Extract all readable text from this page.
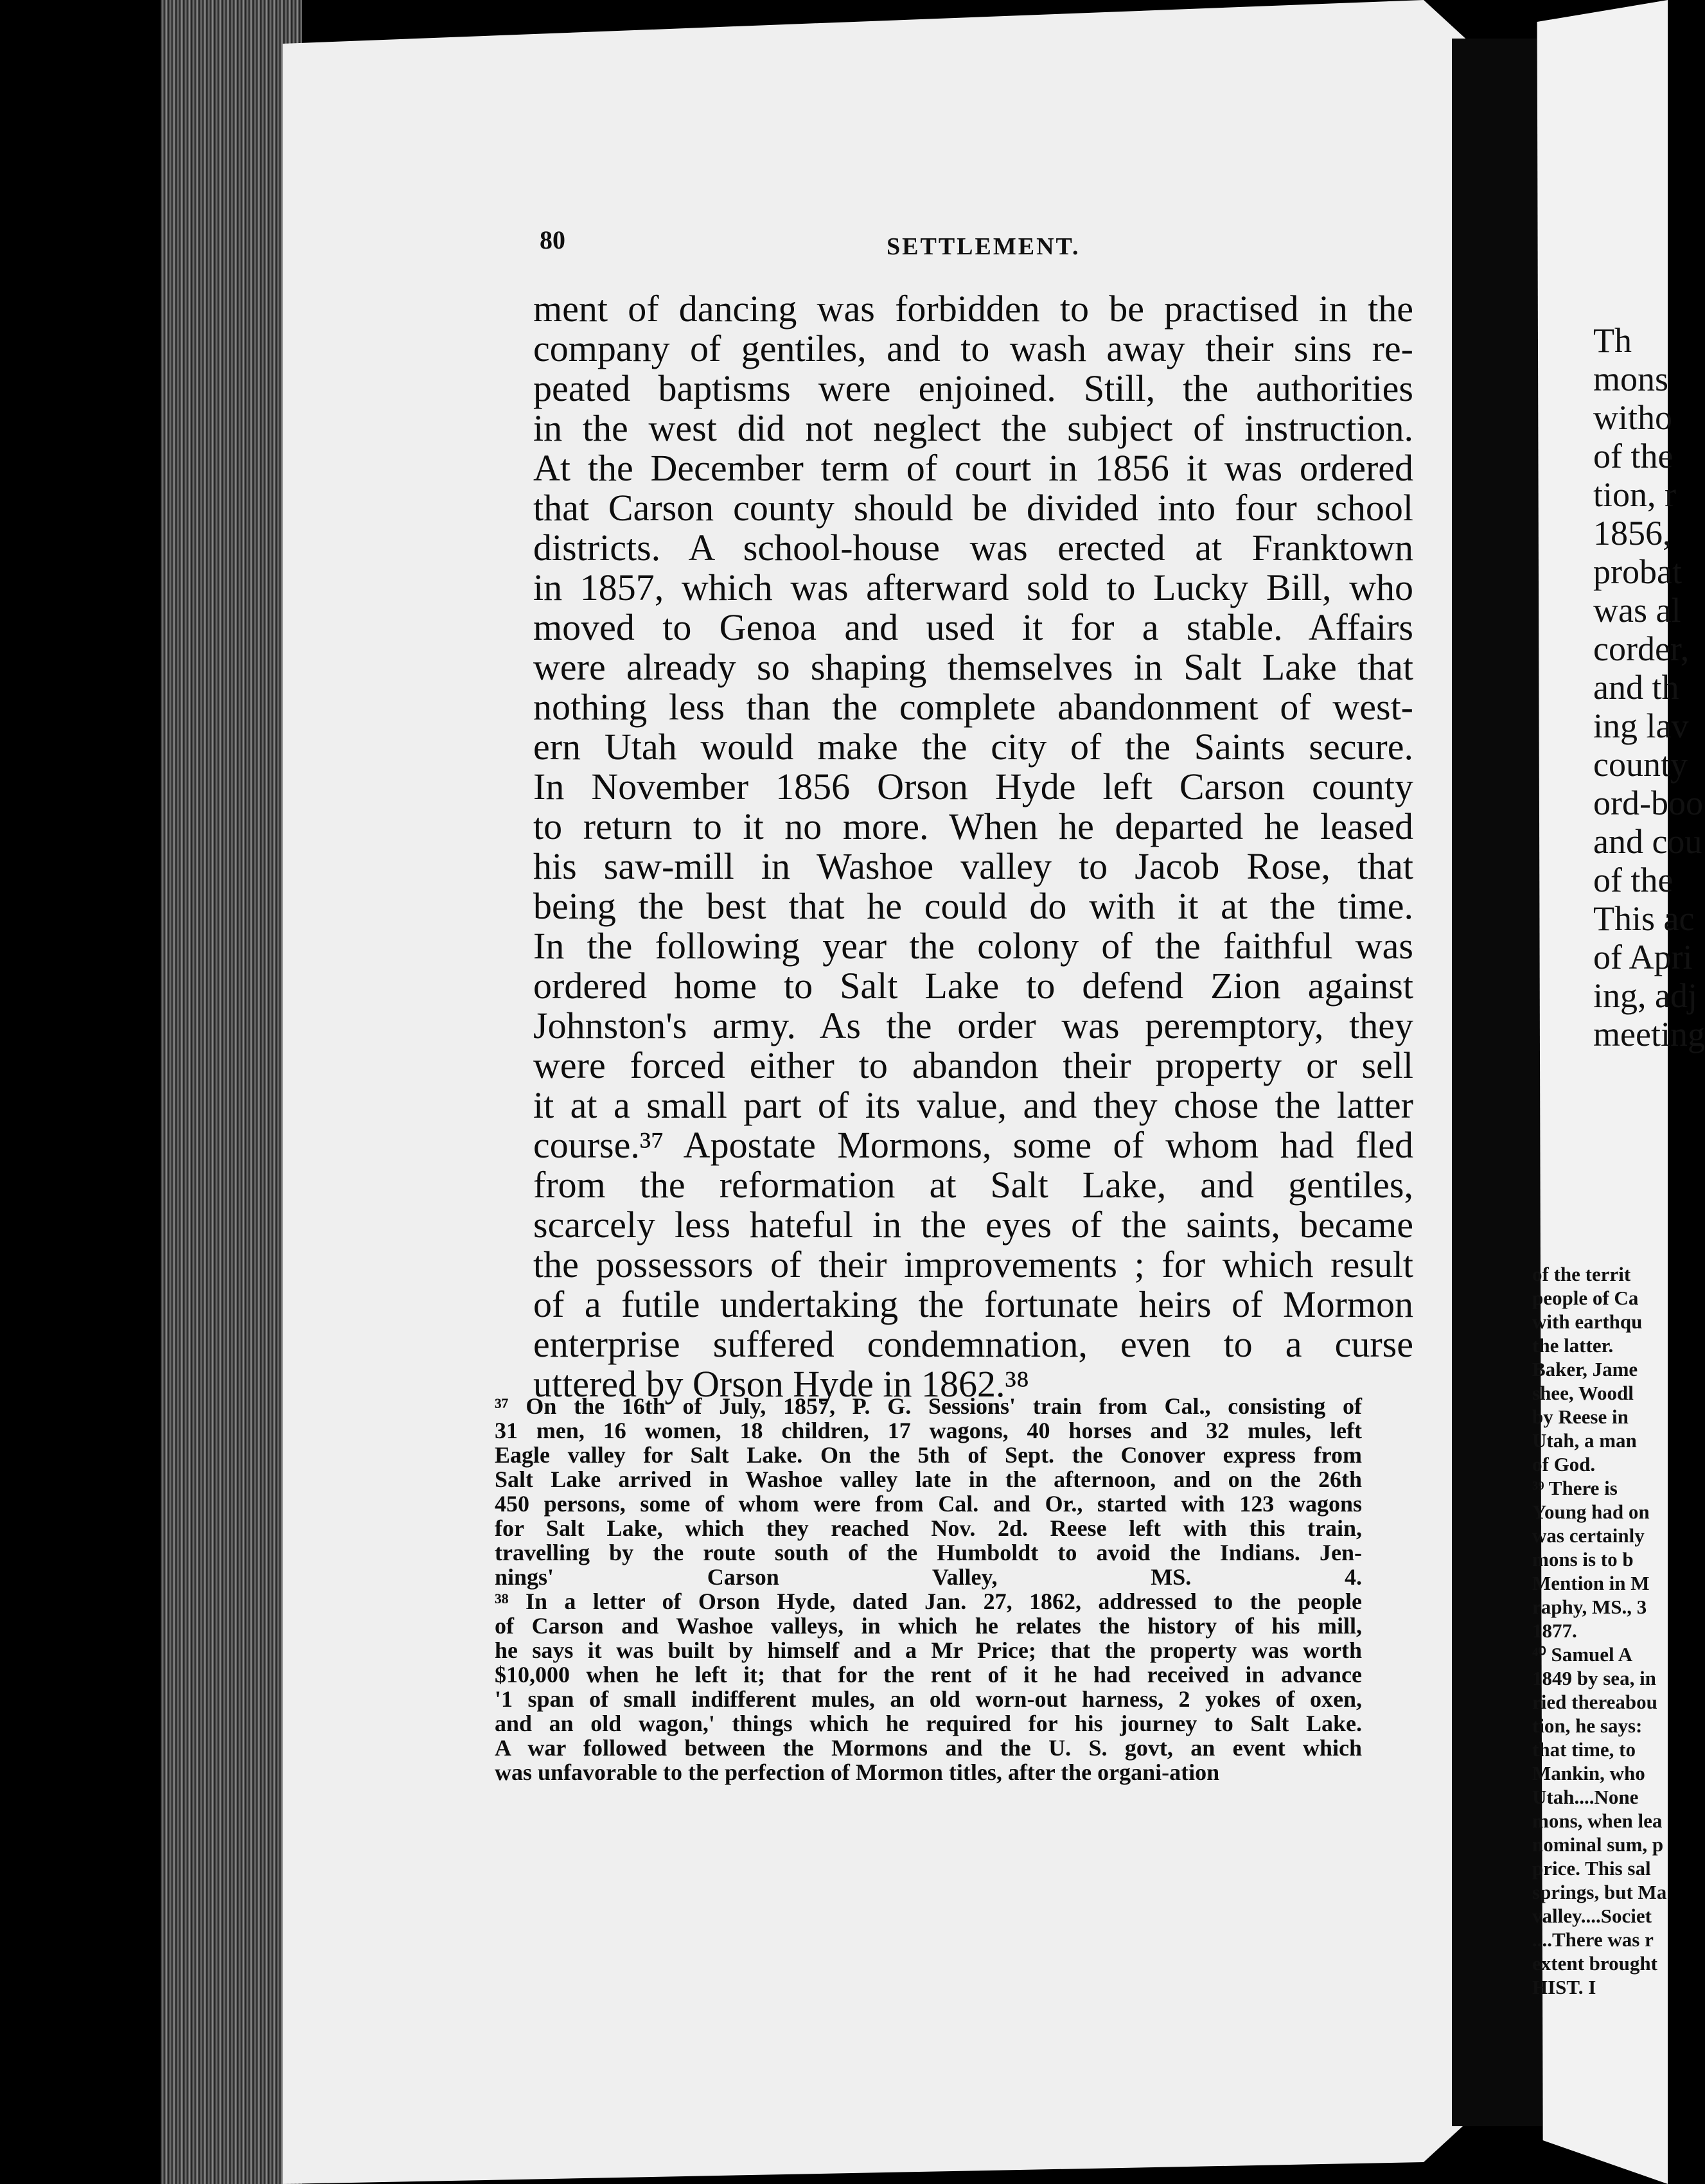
80	SETTLEMENT.
ment of dancing was forbidden to be practised in the
company of gentiles, and to wash away their sins re-
peated baptisms were enjoined. Still, the authorities
in the west did not neglect the subject of instruction.
At the December term of court in 1856 it was ordered
that Carson county should be divided into four school
districts. A school-house was erected at Franktown
in 1857, which was afterward sold to Lucky Bill, who
moved to Genoa and used it for a stable. Affairs
were already so shaping themselves in Salt Lake that
nothing less than the complete abandonment of west-
ern Utah would make the city of the Saints secure.
In November 1856 Orson Hyde left Carson county
to return to it no more. When he departed he leased
his saw-mill in Washoe valley to Jacob Rose, that
being the best that he could do with it at the time.
In the following year the colony of the faithful was
ordered home to Salt Lake to defend Zion against
Johnston's army. As the order was peremptory, they
were forced either to abandon their property or sell
it at a small part of its value, and they chose the latter
course.³⁷ Apostate Mormons, some of whom had fled
from the reformation at Salt Lake, and gentiles,
scarcely less hateful in the eyes of the saints, became
the possessors of their improvements ; for which result
of a futile undertaking the fortunate heirs of Mormon
enterprise suffered condemnation, even to a curse
uttered by Orson Hyde in 1862.³⁸
³⁷ On the 16th of July, 1857, P. G. Sessions' train from Cal., consisting of
31 men, 16 women, 18 children, 17 wagons, 40 horses and 32 mules, left
Eagle valley for Salt Lake. On the 5th of Sept. the Conover express from
Salt Lake arrived in Washoe valley late in the afternoon, and on the 26th
450 persons, some of whom were from Cal. and Or., started with 123 wagons
for Salt Lake, which they reached Nov. 2d. Reese left with this train,
travelling by the route south of the Humboldt to avoid the Indians. Jen-
nings' Carson Valley, MS. 4.
³⁸ In a letter of Orson Hyde, dated Jan. 27, 1862, addressed to the people
of Carson and Washoe valleys, in which he relates the history of his mill,
he says it was built by himself and a Mr Price; that the property was worth
$10,000 when he left it; that for the rent of it he had received in advance
'1 span of small indifferent mules, an old worn-out harness, 2 yokes of oxen,
and an old wagon,' things which he required for his journey to Salt Lake.
A war followed between the Mormons and the U. S. govt, an event which
was unfavorable to the perfection of Mormon titles, after the organi-ation
Th
mons
witho
of the
tion, r
1856,
probat
was al
corder,
and th
ing lav
county
ord-boo
and cou
of the
This ac
of Apri
ing, adj
meeting
of the territ
people of Ca
with earthqu
the latter.
Baker, Jame
shee, Woodl
by Reese in
Utah, a man
of God.
³⁹ There is
Young had on
was certainly
mons is to b
Mention in M
raphy, MS., 3
1877.
⁴⁰ Samuel A
1849 by sea, in
ried thereabou
tion, he says:
that time, to
Mankin, who
Utah....None
mons, when lea
nominal sum, p
price. This sal
springs, but Ma
valley....Societ
....There was r
extent brought
HIST. I
